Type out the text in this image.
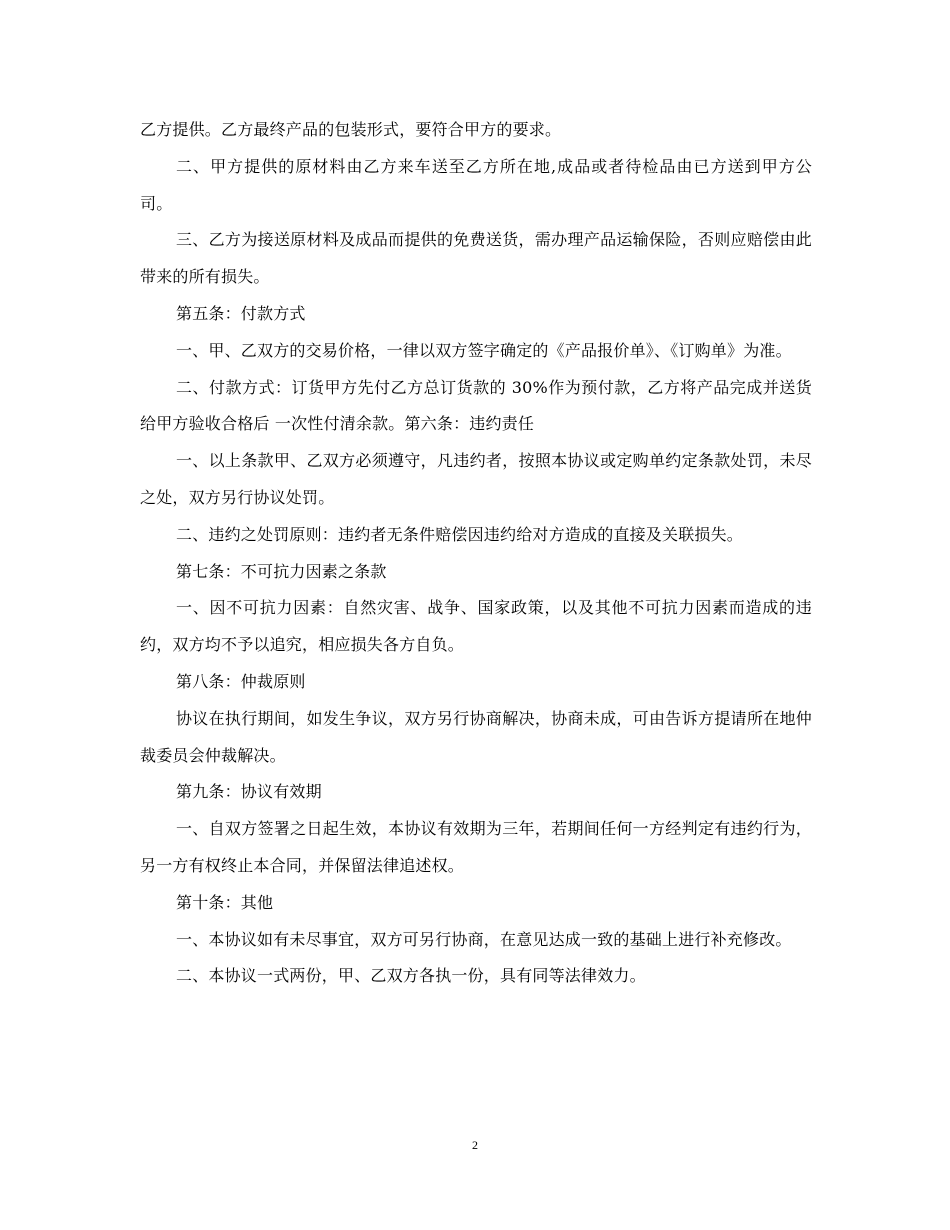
乙方提供。乙方最终产品的包装形式，要符合甲方的要求。

二、甲方提供的原材料由乙方来车送至乙方所在地,成品或者待检品由已方送到甲方公司。

三、乙方为接送原材料及成品而提供的免费送货，需办理产品运输保险，否则应赔偿由此带来的所有损失。

第五条：付款方式

一、甲、乙双方的交易价格，一律以双方签字确定的《产品报价单》、《订购单》为准。

二、付款方式：订货甲方先付乙方总订货款的 30%作为预付款，乙方将产品完成并送货给甲方验收合格后 一次性付清余款。第六条：违约责任

一、以上条款甲、乙双方必须遵守，凡违约者，按照本协议或定购单约定条款处罚，未尽之处，双方另行协议处罚。

二、违约之处罚原则：违约者无条件赔偿因违约给对方造成的直接及关联损失。

第七条：不可抗力因素之条款

一、因不可抗力因素：自然灾害、战争、国家政策，以及其他不可抗力因素而造成的违约，双方均不予以追究，相应损失各方自负。

第八条：仲裁原则

协议在执行期间，如发生争议，双方另行协商解决，协商未成，可由告诉方提请所在地仲裁委员会仲裁解决。

第九条：协议有效期

一、自双方签署之日起生效，本协议有效期为三年，若期间任何一方经判定有违约行为，另一方有权终止本合同，并保留法律追述权。

第十条：其他

一、本协议如有未尽事宜，双方可另行协商，在意见达成一致的基础上进行补充修改。

二、本协议一式两份，甲、乙双方各执一份，具有同等法律效力。

2
